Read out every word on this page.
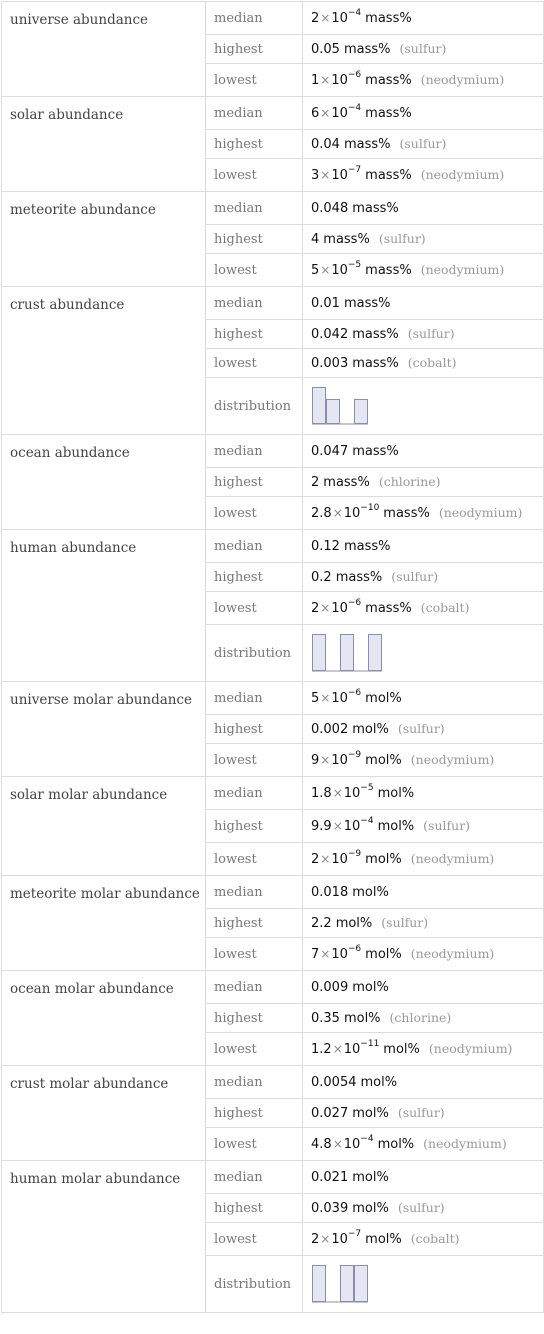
universe abundance	median	$2\times 10^{-4}$ mass%
	highest	0.05 mass% (sulfur)
	lowest	$1\times 10^{-6}$ mass% (neodymium)
solar abundance	median	$6\times 10^{-4}$ mass%
	highest	0.04 mass% (sulfur)
	lowest	$3\times 10^{-7}$ mass% (neodymium)
meteorite abundance	median	0.048 mass%
	highest	4 mass% (sulfur)
	lowest	$5\times 10^{-5}$ mass% (neodymium)
crust abundance	median	0.01 mass%
	highest	0.042 mass% (sulfur)
	lowest	0.003 mass% (cobalt)
	distribution	
ocean abundance	median	0.047 mass%
	highest	2 mass% (chlorine)
	lowest	$2.8\times 10^{-10}$ mass% (neodymium)
human abundance	median	0.12 mass%
	highest	0.2 mass% (sulfur)
	lowest	$2\times 10^{-6}$ mass% (cobalt)
	distribution	
universe molar abundance	median	$5\times 10^{-6}$ mol%
	highest	0.002 mol% (sulfur)
	lowest	$9\times 10^{-9}$ mol% (neodymium)
solar molar abundance	median	$1.8\times 10^{-5}$ mol%
	highest	$9.9\times 10^{-4}$ mol% (sulfur)
	lowest	$2\times 10^{-9}$ mol% (neodymium)
meteorite molar abundance	median	0.018 mol%
	highest	2.2 mol% (sulfur)
	lowest	$7\times 10^{-6}$ mol% (neodymium)
ocean molar abundance	median	0.009 mol%
	highest	0.35 mol% (chlorine)
	lowest	$1.2\times 10^{-11}$ mol% (neodymium)
crust molar abundance	median	0.0054 mol%
	highest	0.027 mol% (sulfur)
	lowest	$4.8\times 10^{-4}$ mol% (neodymium)
human molar abundance	median	0.021 mol%
	highest	0.039 mol% (sulfur)
	lowest	$2\times 10^{-7}$ mol% (cobalt)
	distribution	
